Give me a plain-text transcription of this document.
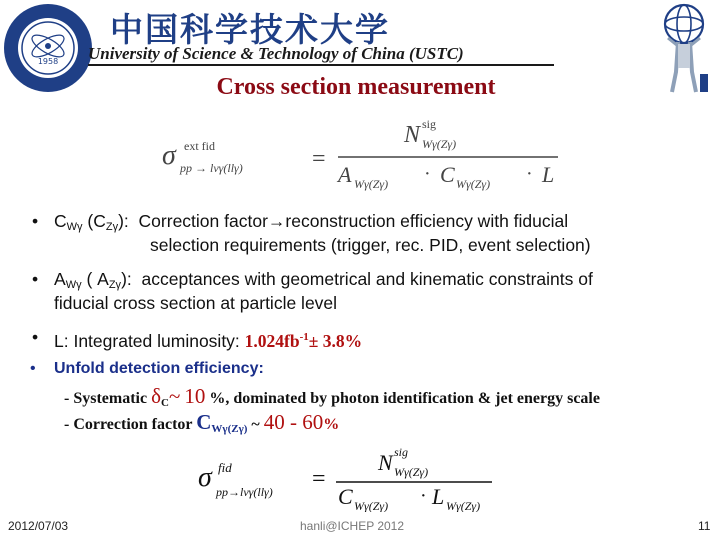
1958
中国科学技术大学
University of Science & Technology of China (USTC)
Cross section measurement
σ ext fid
pp → lνγ(llγ)	=
N sig
Wγ(Zγ)
A Wγ(Zγ) · C Wγ(Zγ) · L
• $C_{W\gamma}$ $(C_{Z\gamma})$: Correction factor→reconstruction efficiency with fiducial
selection requirements (trigger, rec. PID, event selection)
• $A_{W\gamma}$ ( $A_{Z\gamma}$): acceptances with geometrical and kinematic constraints of
fiducial cross section at particle level
• L: Integrated luminosity: $1.024fb^{-1}\pm 3.8\%$
• Unfold detection efficiency:
- Systematic $\delta_C\sim$ 10 %, dominated by photon identification & jet energy scale
- Correction factor $C_{W\gamma(Z\gamma)}$ ~ 40 - 60%
σ fid
pp→lνγ(llγ) =
N sig
Wγ(Zγ)
C Wγ(Zγ) · L Wγ(Zγ)
2012/07/03	hanli@ICHEP 2012	11
